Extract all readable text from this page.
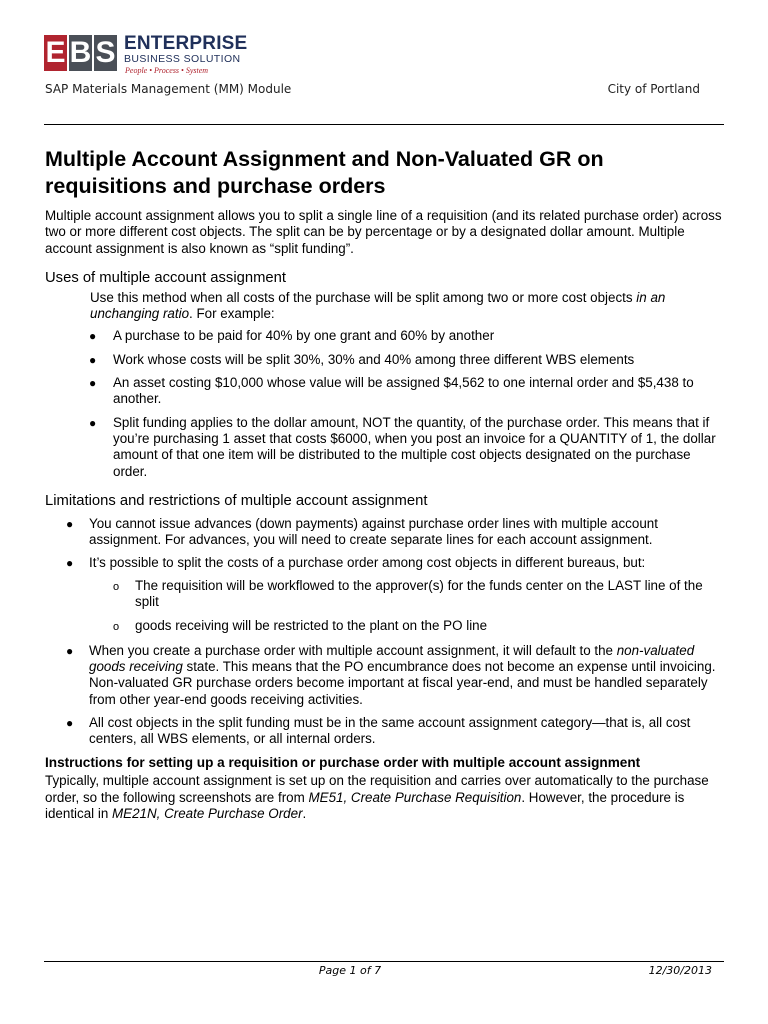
E B S ENTERPRISE
BUSINESS SOLUTION
People • Process • System
SAP Materials Management (MM) Module	City of Portland
Multiple Account Assignment and Non-Valuated GR on requisitions and purchase orders

Multiple account assignment allows you to split a single line of a requisition (and its related purchase order) across two or more different cost objects. The split can be by percentage or by a designated dollar amount. Multiple account assignment is also known as “split funding”.

Uses of multiple account assignment

Use this method when all costs of the purchase will be split among two or more cost objects in an unchanging ratio. For example:

● A purchase to be paid for 40% by one grant and 60% by another
● Work whose costs will be split 30%, 30% and 40% among three different WBS elements
● An asset costing $10,000 whose value will be assigned $4,562 to one internal order and $5,438 to another.
● Split funding applies to the dollar amount, NOT the quantity, of the purchase order. This means that if you’re purchasing 1 asset that costs $6000, when you post an invoice for a QUANTITY of 1, the dollar amount of that one item will be distributed to the multiple cost objects designated on the purchase order.
Limitations and restrictions of multiple account assignment
● You cannot issue advances (down payments) against purchase order lines with multiple account assignment. For advances, you will need to create separate lines for each account assignment.
● It’s possible to split the costs of a purchase order among cost objects in different bureaus, but:
o The requisition will be workflowed to the approver(s) for the funds center on the LAST line of the split
o goods receiving will be restricted to the plant on the PO line
● When you create a purchase order with multiple account assignment, it will default to the non-valuated goods receiving state. This means that the PO encumbrance does not become an expense until invoicing. Non-valuated GR purchase orders become important at fiscal year-end, and must be handled separately from other year-end goods receiving activities.
● All cost objects in the split funding must be in the same account assignment category—that is, all cost centers, all WBS elements, or all internal orders.
Instructions for setting up a requisition or purchase order with multiple account assignment

Typically, multiple account assignment is set up on the requisition and carries over automatically to the purchase order, so the following screenshots are from ME51, Create Purchase Requisition. However, the procedure is identical in ME21N, Create Purchase Order.

Page 1 of 7	12/30/2013
